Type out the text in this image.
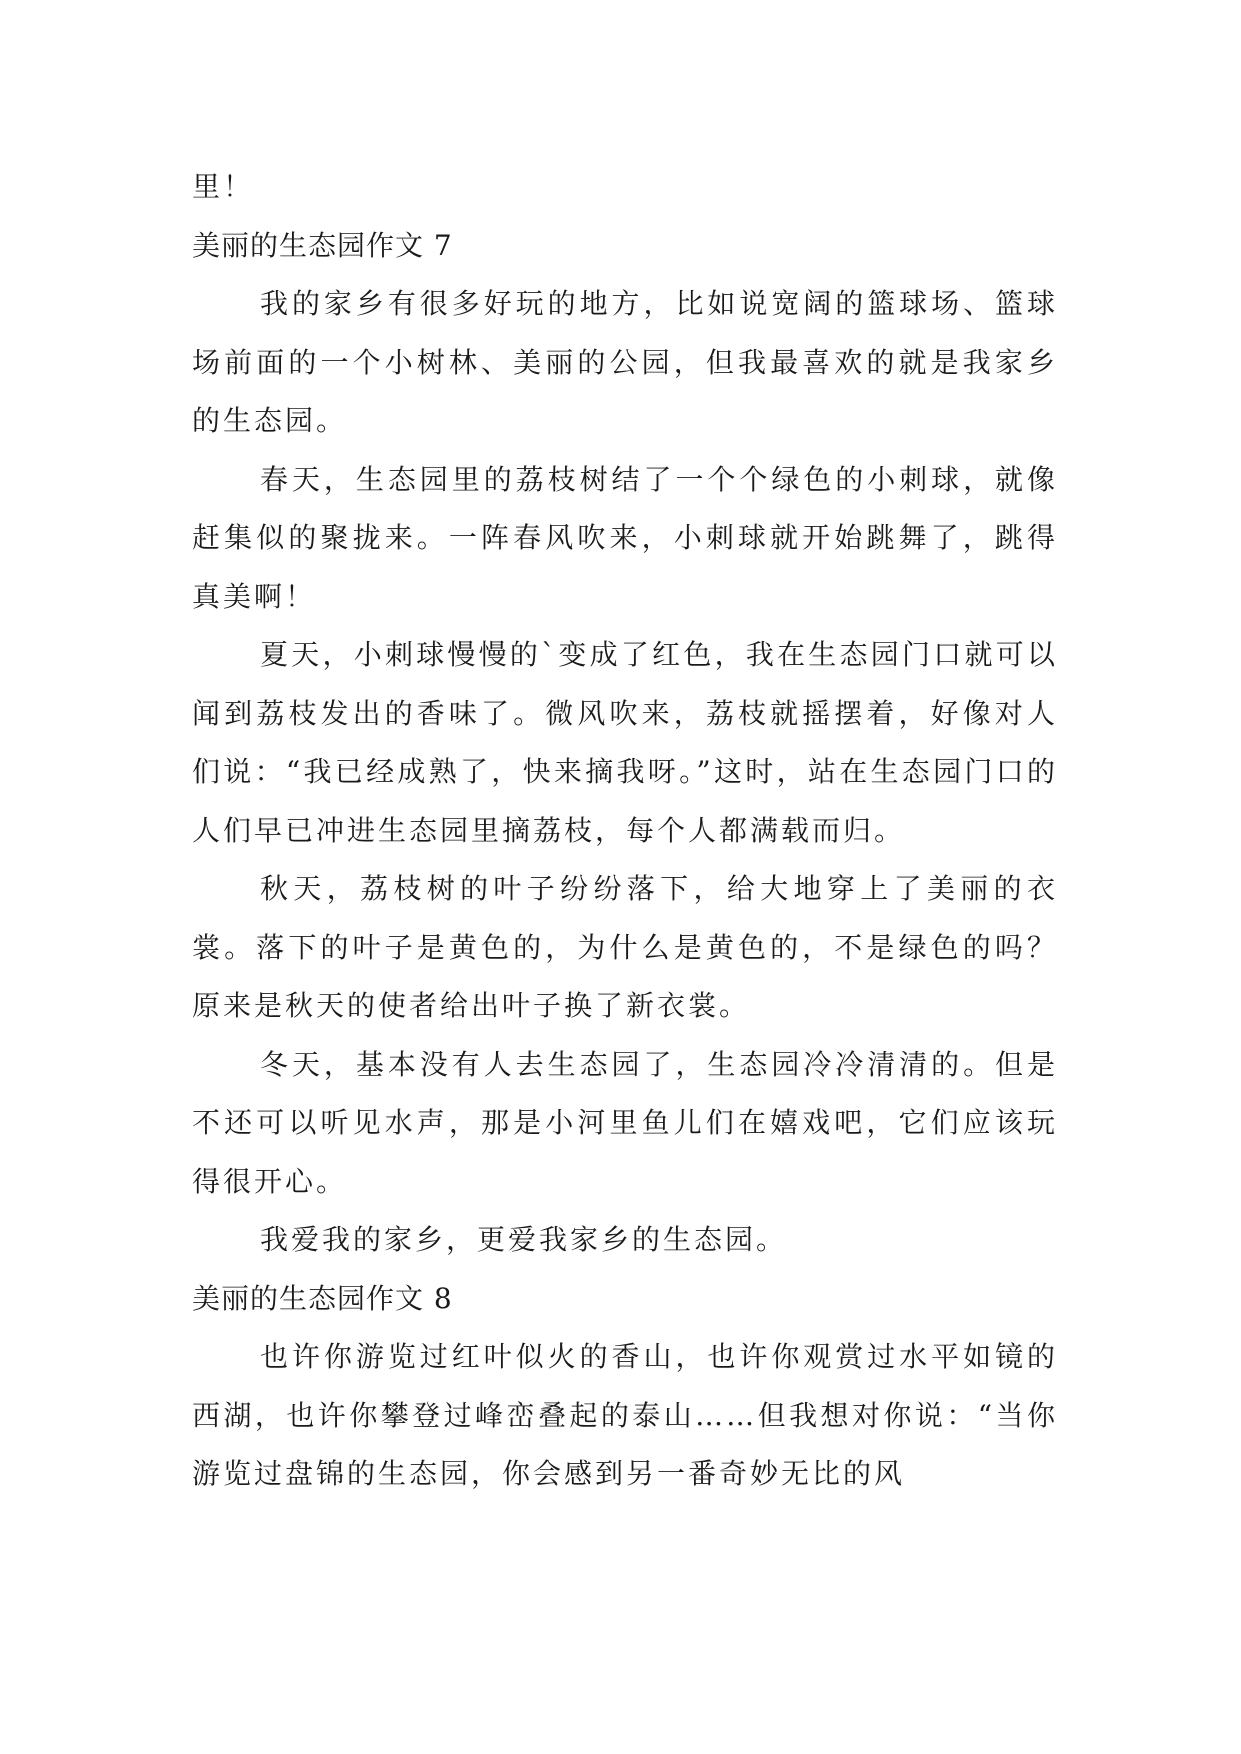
里！

美丽的生态园作文 7

我的家乡有很多好玩的地方，比如说宽阔的篮球场、篮球场前面的一个小树林、美丽的公园，但我最喜欢的就是我家乡的生态园。

春天，生态园里的荔枝树结了一个个绿色的小刺球，就像赶集似的聚拢来。一阵春风吹来，小刺球就开始跳舞了，跳得真美啊！

夏天，小刺球慢慢的`变成了红色，我在生态园门口就可以闻到荔枝发出的香味了。微风吹来，荔枝就摇摆着，好像对人们说：“我已经成熟了，快来摘我呀。”这时，站在生态园门口的人们早已冲进生态园里摘荔枝，每个人都满载而归。

秋天，荔枝树的叶子纷纷落下，给大地穿上了美丽的衣裳。落下的叶子是黄色的，为什么是黄色的，不是绿色的吗？原来是秋天的使者给出叶子换了新衣裳。

冬天，基本没有人去生态园了，生态园冷冷清清的。但是不还可以听见水声，那是小河里鱼儿们在嬉戏吧，它们应该玩得很开心。

我爱我的家乡，更爱我家乡的生态园。

美丽的生态园作文 8

也许你游览过红叶似火的香山，也许你观赏过水平如镜的西湖，也许你攀登过峰峦叠起的泰山……但我想对你说：“当你游览过盘锦的生态园，你会感到另一番奇妙无比的风
